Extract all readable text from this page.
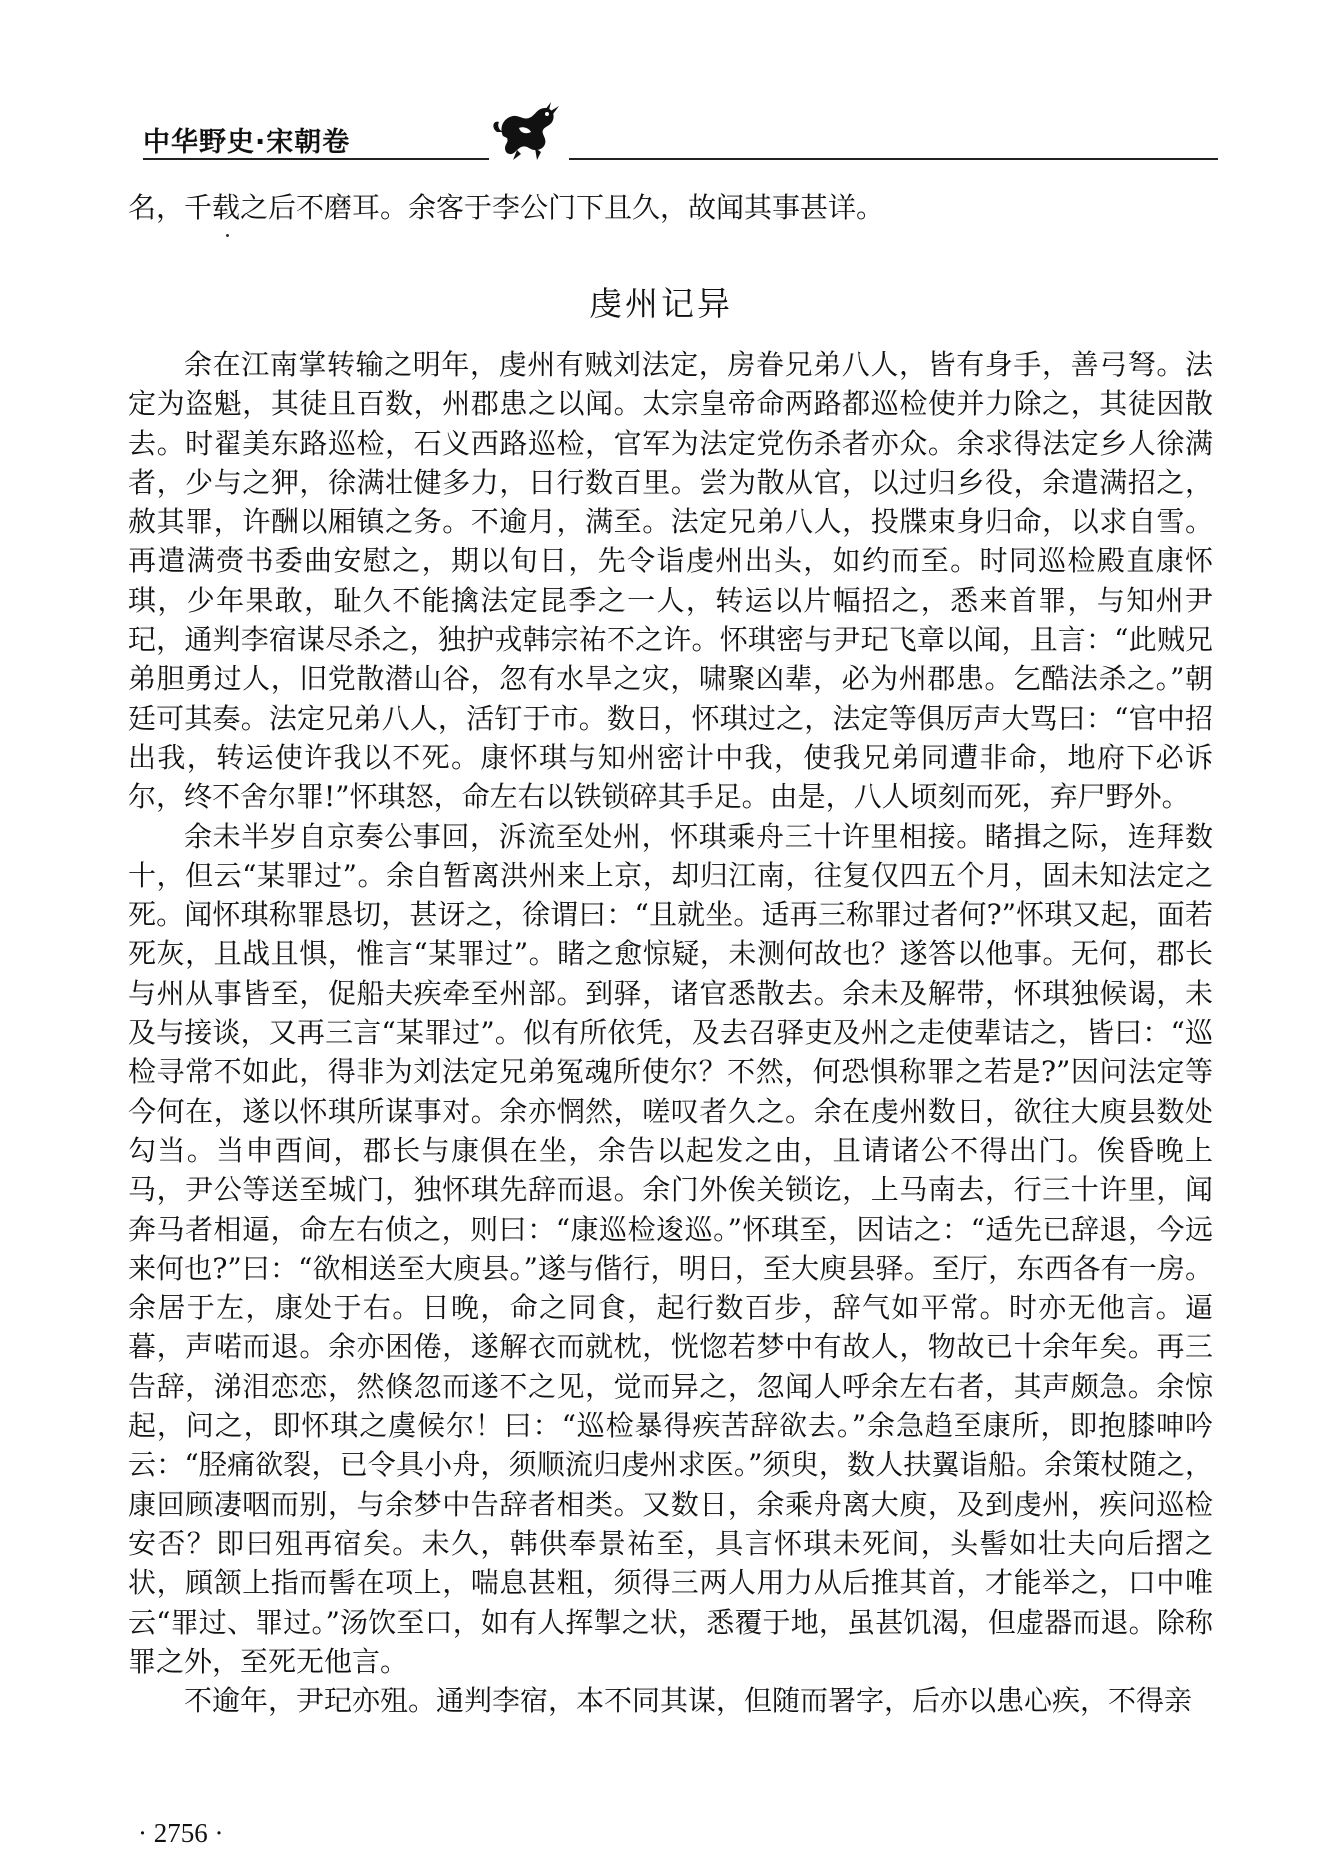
中华野史·宋朝卷
名，千载之后不磨耳。余客于李公门下且久，故闻其事甚详。
虔州记异

余在江南掌转输之明年，虔州有贼刘法定，房眷兄弟八人，皆有身手，善弓弩。法定为盗魁，其徒且百数，州郡患之以闻。太宗皇帝命两路都巡检使并力除之，其徒因散去。时翟美东路巡检，石义西路巡检，官军为法定党伤杀者亦众。余求得法定乡人徐满者，少与之狎，徐满壮健多力，日行数百里。尝为散从官，以过归乡役，余遣满招之，赦其罪，许酬以厢镇之务。不逾月，满至。法定兄弟八人，投牒束身归命，以求自雪。再遣满赍书委曲安慰之，期以旬日，先令诣虔州出头，如约而至。时同巡检殿直康怀琪，少年果敢，耻久不能擒法定昆季之一人，转运以片幅招之，悉来首罪，与知州尹玘，通判李宿谋尽杀之，独护戎韩宗祐不之许。怀琪密与尹玘飞章以闻，且言：“此贼兄弟胆勇过人，旧党散潜山谷，忽有水旱之灾，啸聚凶辈，必为州郡患。乞酷法杀之。”朝廷可其奏。法定兄弟八人，活钉于市。数日，怀琪过之，法定等俱厉声大骂曰：“官中招出我，转运使许我以不死。康怀琪与知州密计中我，使我兄弟同遭非命，地府下必诉尔，终不舍尔罪!”怀琪怒，命左右以铁锁碎其手足。由是，八人顷刻而死，弃尸野外。

余未半岁自京奏公事回，泝流至处州，怀琪乘舟三十许里相接。睹揖之际，连拜数十，但云“某罪过”。余自暂离洪州来上京，却归江南，往复仅四五个月，固未知法定之死。闻怀琪称罪恳切，甚讶之，徐谓曰：“且就坐。适再三称罪过者何?”怀琪又起，面若死灰，且战且惧，惟言“某罪过”。睹之愈惊疑，未测何故也？遂答以他事。无何，郡长与州从事皆至，促船夫疾牵至州部。到驿，诸官悉散去。余未及解带，怀琪独候谒，未及与接谈，又再三言“某罪过”。似有所依凭，及去召驿吏及州之走使辈诘之，皆曰：“巡检寻常不如此，得非为刘法定兄弟冤魂所使尔？不然，何恐惧称罪之若是?”因问法定等今何在，遂以怀琪所谋事对。余亦惘然，嗟叹者久之。余在虔州数日，欲往大庾县数处勾当。当申酉间，郡长与康俱在坐，余告以起发之由，且请诸公不得出门。俟昏晚上马，尹公等送至城门，独怀琪先辞而退。余门外俟关锁讫，上马南去，行三十许里，闻奔马者相逼，命左右侦之，则曰：“康巡检逡巡。”怀琪至，因诘之：“适先已辞退，今远来何也?”曰：“欲相送至大庾县。”遂与偕行，明日，至大庾县驿。至厅，东西各有一房。余居于左，康处于右。日晚，命之同食，起行数百步，辞气如平常。时亦无他言。逼暮，声喏而退。余亦困倦，遂解衣而就枕，恍惚若梦中有故人，物故已十余年矣。再三告辞，涕泪恋恋，然倏忽而遂不之见，觉而异之，忽闻人呼余左右者，其声颇急。余惊起，问之，即怀琪之虞候尔！曰：“巡检暴得疾苦辞欲去。”余急趋至康所，即抱膝呻吟云：“胫痛欲裂，已令具小舟，须顺流归虔州求医。”须臾，数人扶翼诣船。余策杖随之，康回顾凄咽而别，与余梦中告辞者相类。又数日，余乘舟离大庾，及到虔州，疾问巡检安否？即曰殂再宿矣。未久，韩供奉景祐至，具言怀琪未死间，头髻如壮夫向后摺之状，頋颔上指而髻在项上，喘息甚粗，须得三两人用力从后推其首，才能举之，口中唯云“罪过、罪过。”汤饮至口，如有人挥掣之状，悉覆于地，虽甚饥渴，但虚器而退。除称罪之外，至死无他言。

不逾年，尹玘亦殂。通判李宿，本不同其谋，但随而署字，后亦以患心疾，不得亲

· 2756 ·
